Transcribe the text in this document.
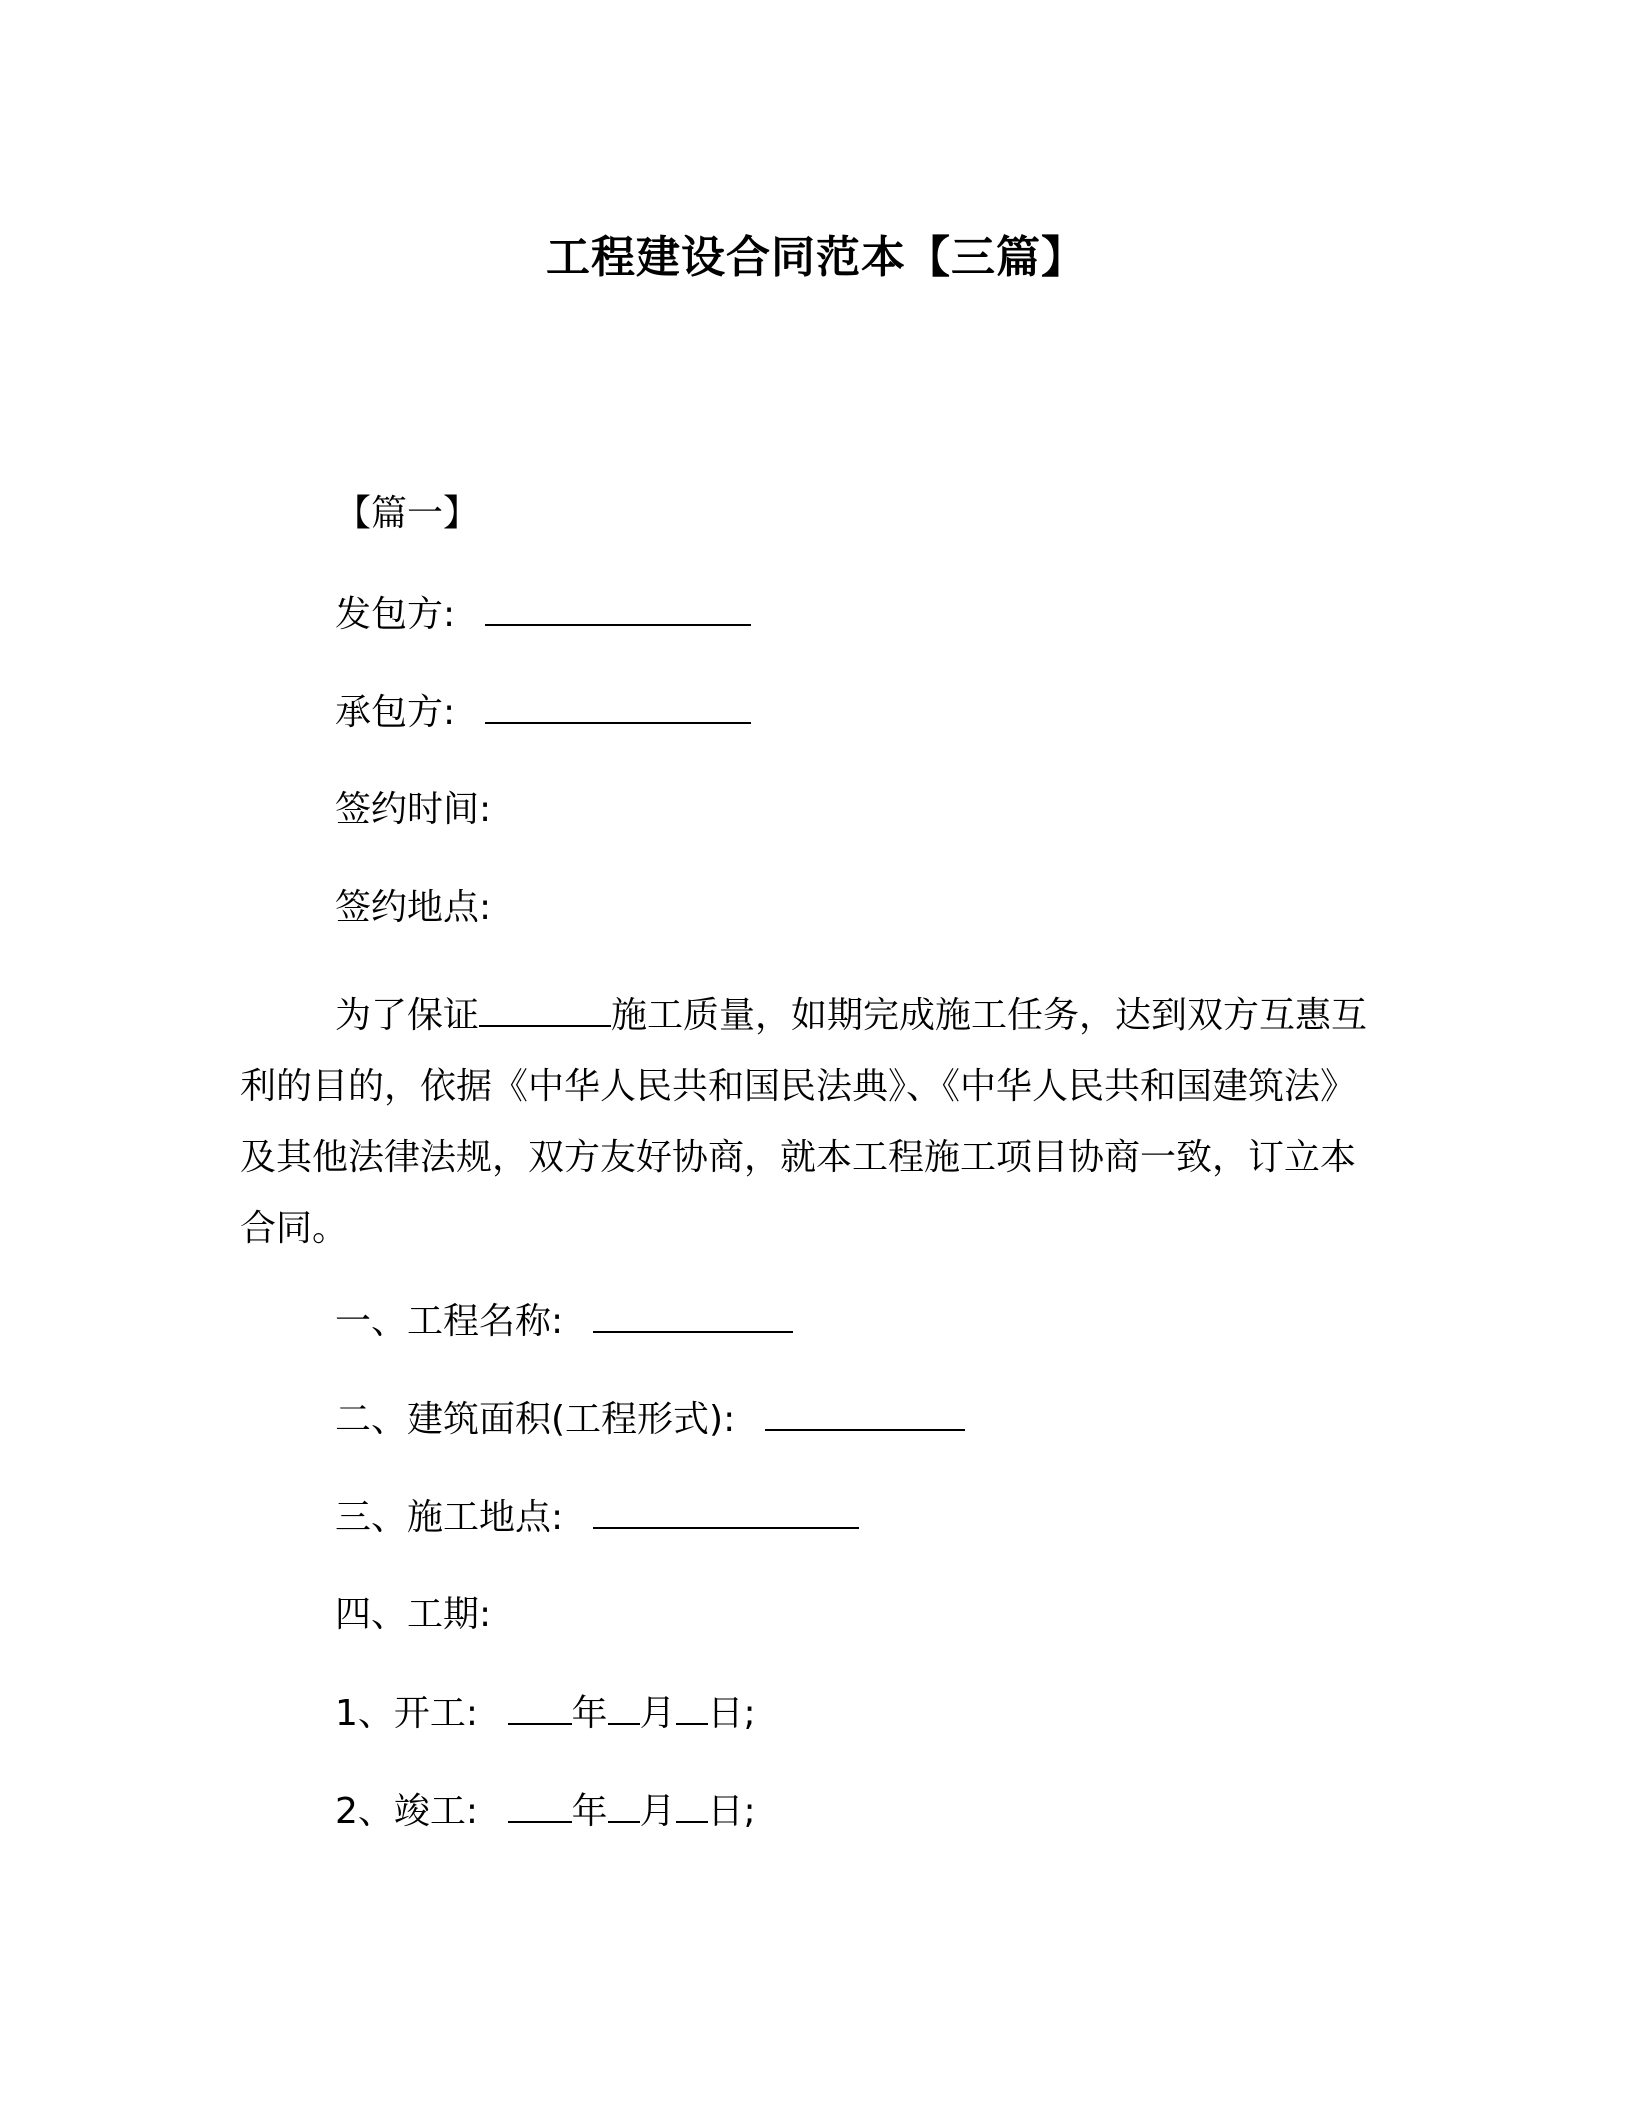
工程建设合同范本【三篇】

【篇一】

发包方:

承包方:

签约时间:

签约地点:

为了保证	施工质量，如期完成施工任务，达到双方互惠互利的目的，依据《中华人民共和国民法典》、《中华人民共和国建筑法》及其他法律法规，双方友好协商，就本工程施工项目协商一致，订立本合同。

一、工程名称:

二、建筑面积(工程形式):

三、施工地点:

四、工期:

1、开工:	年 月 日;

2、竣工:	年 月 日;
